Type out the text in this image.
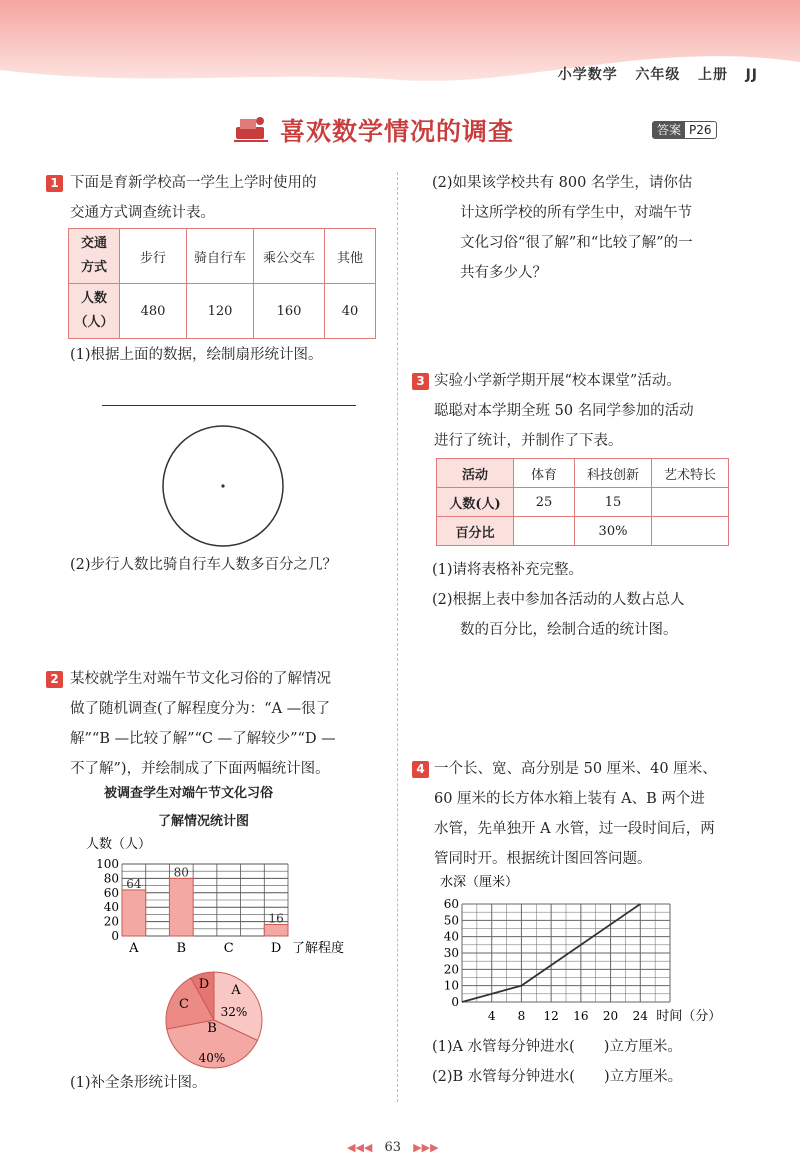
小学数学 六年级 上册 JJ
喜欢数学情况的调查	答案 P26
1 下面是育新学校高一学生上学时使用的
交通方式调查统计表。
交通
方式	步行	骑自行车	乘公交车	其他
人数
（人）	480	120	160	40
(1)根据上面的数据，绘制扇形统计图。
(2)步行人数比骑自行车人数多百分之几？
2 某校就学生对端午节文化习俗的了解情况
做了随机调查(了解程度分为：“A —很了
解”“B —比较了解”“C —了解较少”“D —
不了解”)，并绘制成了下面两幅统计图。
被调查学生对端午节文化习俗
了解情况统计图
人数（人）
0
20
40
60
80
100
A
64
B
80
C	D
16
了解程度
A
B
C
D
32%
40%
(1)补全条形统计图。
(2)如果该学校共有 800 名学生，请你估
计这所学校的所有学生中，对端午节
文化习俗“很了解”和“比较了解”的一
共有多少人？
3 实验小学新学期开展“校本课堂”活动。
聪聪对本学期全班 50 名同学参加的活动
进行了统计，并制作了下表。
活动	体育	科技创新	艺术特长
人数(人)	25	15	
百分比		30%	
(1)请将表格补充完整。
(2)根据上表中参加各活动的人数占总人
数的百分比，绘制合适的统计图。
4 一个长、宽、高分别是 50 厘米、40 厘米、
60 厘米的长方体水箱上装有 A、B 两个进
水管，先单独开 A 水管，过一段时间后，两
管同时开。根据统计图回答问题。
水深（厘米）
0
10
20
30
40
50
60
4 8 12 16 20 24 时间（分）
(1)A 水管每分钟进水(　　)立方厘米。
(2)B 水管每分钟进水(　　)立方厘米。
◀◀◀ 63 ▶▶▶
